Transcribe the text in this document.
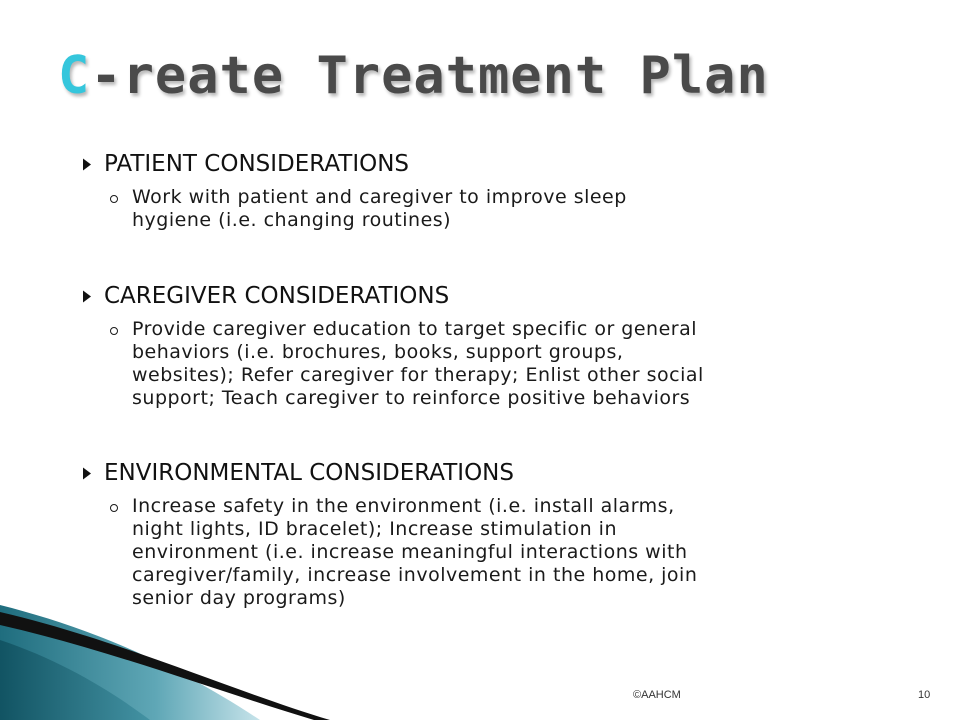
C-reate Treatment Plan
PATIENT CONSIDERATIONS
Work with patient and caregiver to improve sleep
hygiene (i.e. changing routines)
CAREGIVER CONSIDERATIONS
Provide caregiver education to target specific or general
behaviors (i.e. brochures, books, support groups,
websites); Refer caregiver for therapy; Enlist other social
support; Teach caregiver to reinforce positive behaviors
ENVIRONMENTAL CONSIDERATIONS
Increase safety in the environment (i.e. install alarms,
night lights, ID bracelet); Increase stimulation in
environment (i.e. increase meaningful interactions with
caregiver/family, increase involvement in the home, join
senior day programs)
©AAHCM	10
